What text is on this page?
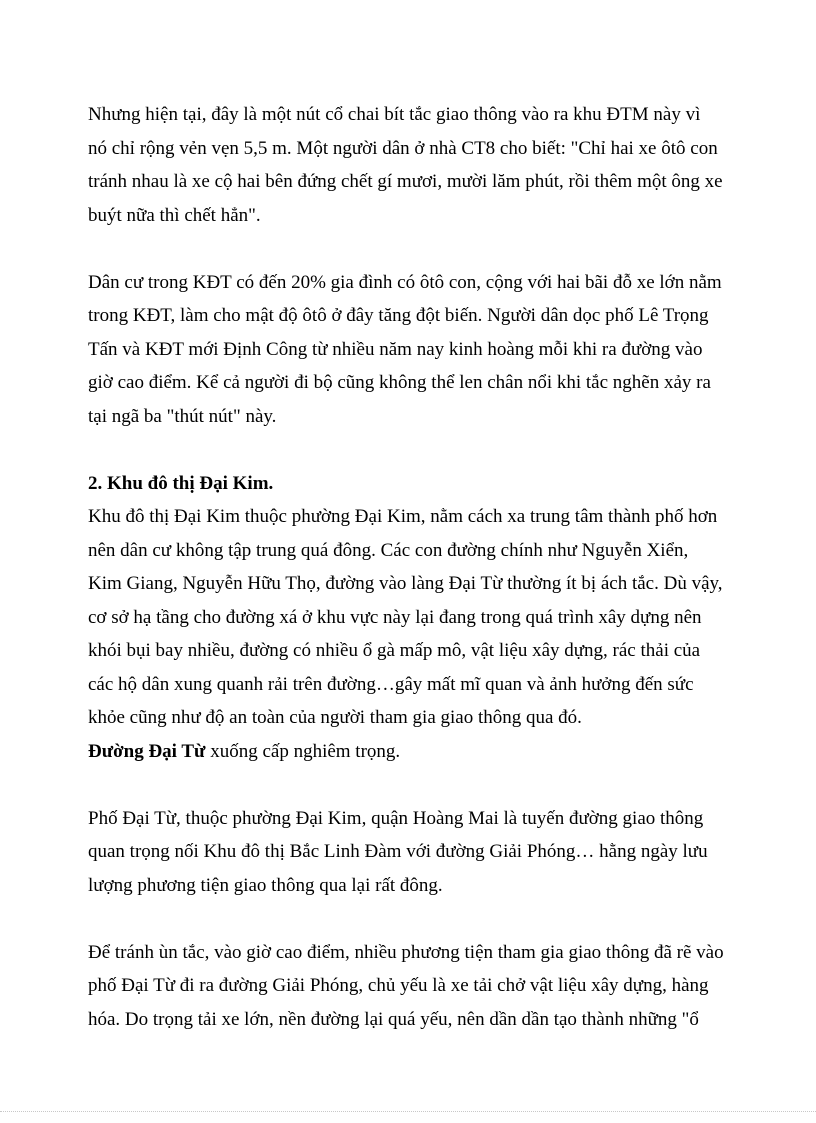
Nhưng hiện tại, đây là một nút cổ chai bít tắc giao thông vào ra khu ĐTM này vì nó chỉ rộng vẻn vẹn 5,5 m. Một người dân ở nhà CT8 cho biết: "Chỉ hai xe ôtô con tránh nhau là xe cộ hai bên đứng chết gí mươi, mười lăm phút, rồi thêm một ông xe buýt nữa thì chết hẳn".

Dân cư trong KĐT có đến 20% gia đình có ôtô con, cộng với hai bãi đỗ xe lớn nằm trong KĐT, làm cho mật độ ôtô ở đây tăng đột biến. Người dân dọc phố Lê Trọng Tấn và KĐT mới Định Công từ nhiều năm nay kinh hoàng mỗi khi ra đường vào giờ cao điểm. Kể cả người đi bộ cũng không thể len chân nổi khi tắc nghẽn xảy ra tại ngã ba "thút nút" này.

2. Khu đô thị Đại Kim.

Khu đô thị Đại Kim thuộc phường Đại Kim, nằm cách xa trung tâm thành phố hơn nên dân cư không tập trung quá đông. Các con đường chính như Nguyễn Xiển, Kim Giang, Nguyễn Hữu Thọ, đường vào làng Đại Từ thường ít bị ách tắc. Dù vậy, cơ sở hạ tầng cho đường xá ở khu vực này lại đang trong quá trình xây dựng nên khói bụi bay nhiều, đường có nhiều ổ gà mấp mô, vật liệu xây dựng, rác thải của các hộ dân xung quanh rải trên đường…gây mất mĩ quan và ảnh hưởng đến sức khỏe cũng như độ an toàn của người tham gia giao thông qua đó.

Đường Đại Từ xuống cấp nghiêm trọng.

Phố Đại Từ, thuộc phường Đại Kim, quận Hoàng Mai là tuyến đường giao thông quan trọng nối Khu đô thị Bắc Linh Đàm với đường Giải Phóng… hằng ngày lưu lượng phương tiện giao thông qua lại rất đông.

Để tránh ùn tắc, vào giờ cao điểm, nhiều phương tiện tham gia giao thông đã rẽ vào phố Đại Từ đi ra đường Giải Phóng, chủ yếu là xe tải chở vật liệu xây dựng, hàng hóa. Do trọng tải xe lớn, nền đường lại quá yếu, nên dần dần tạo thành những "ổ
